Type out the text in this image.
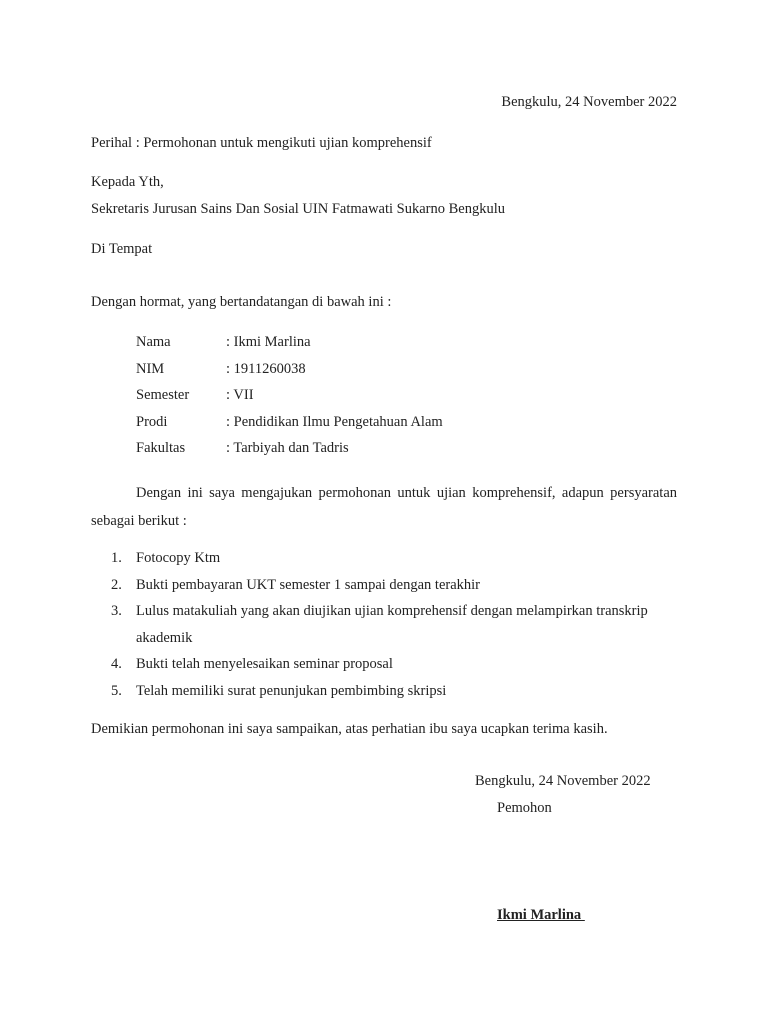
Bengkulu, 24 November 2022
Perihal : Permohonan untuk mengikuti ujian komprehensif
Kepada Yth,
Sekretaris Jurusan Sains Dan Sosial UIN Fatmawati Sukarno Bengkulu
Di Tempat
Dengan hormat, yang bertandatangan di bawah ini :
Nama	: Ikmi Marlina
NIM	: 1911260038
Semester	: VII
Prodi	: Pendidikan Ilmu Pengetahuan Alam
Fakultas	: Tarbiyah dan Tadris
Dengan ini saya mengajukan permohonan untuk ujian komprehensif, adapun persyaratan sebagai berikut :
1. Fotocopy Ktm
2. Bukti pembayaran UKT semester 1 sampai dengan terakhir
3. Lulus matakuliah yang akan diujikan ujian komprehensif dengan melampirkan transkrip akademik
4. Bukti telah menyelesaikan seminar proposal
5. Telah memiliki surat penunjukan pembimbing skripsi
Demikian permohonan ini saya sampaikan, atas perhatian ibu saya ucapkan terima kasih.
Bengkulu, 24 November 2022
Pemohon
Ikmi Marlina
